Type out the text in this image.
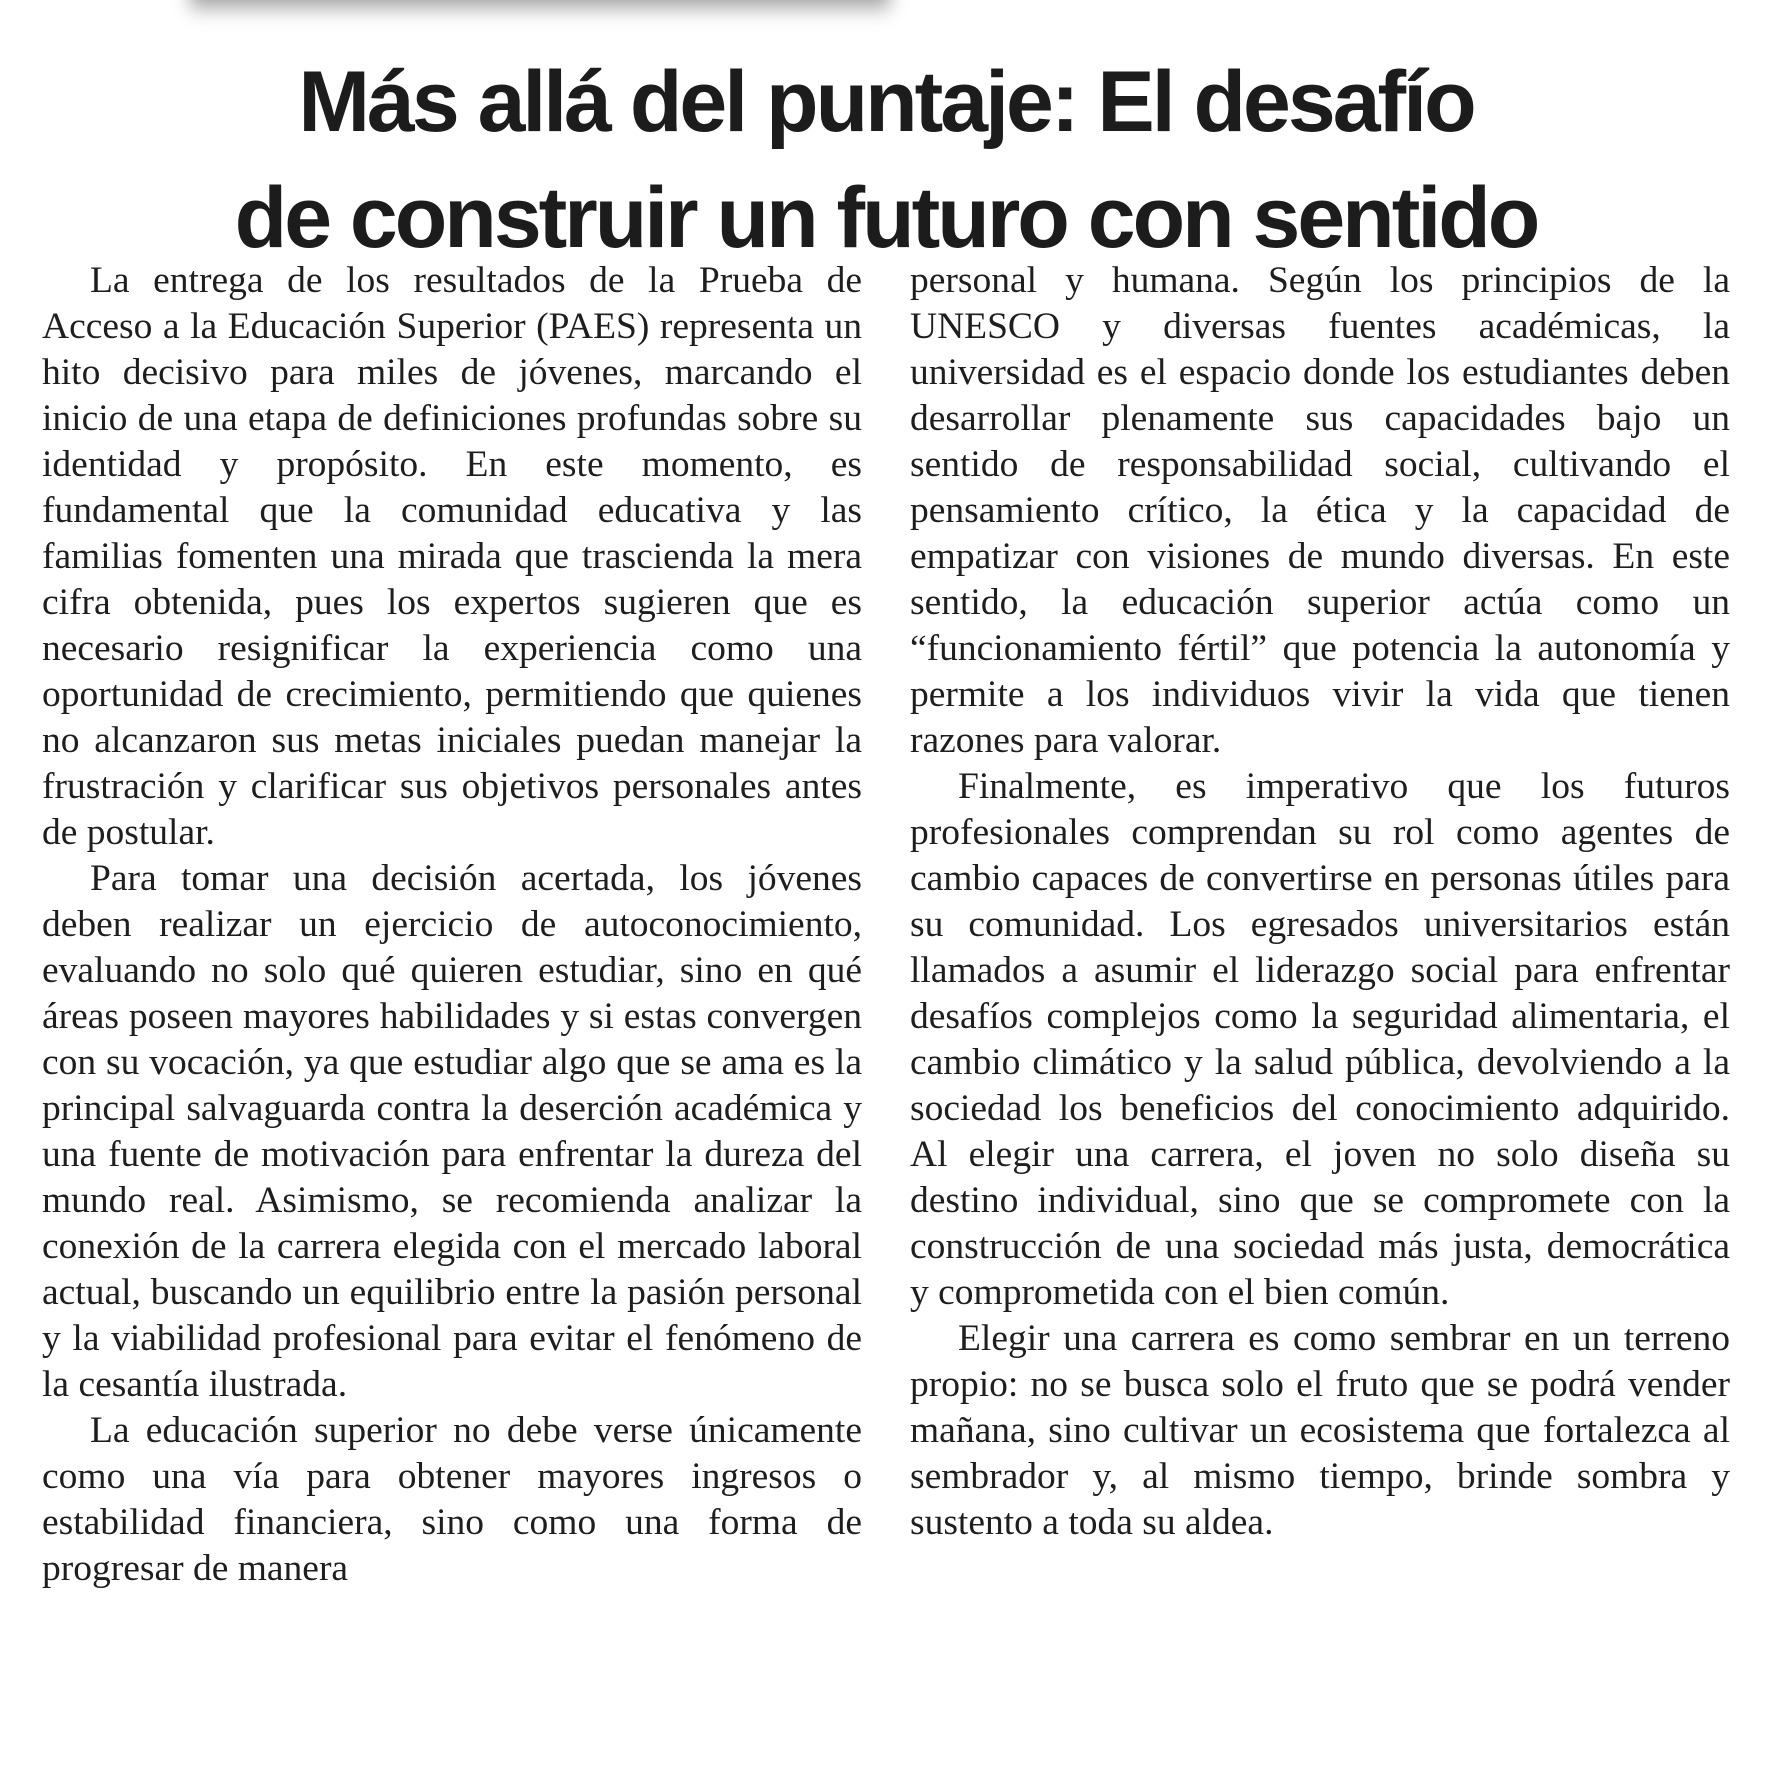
Más allá del puntaje: El desafío
de construir un futuro con sentido

La entrega de los resultados de la Prueba de Acceso a la Educación Superior (PAES) representa un hito decisivo para miles de jóvenes, marcando el inicio de una etapa de definiciones profundas sobre su identidad y propósito. En este momento, es fundamental que la comunidad educativa y las familias fomenten una mirada que trascienda la mera cifra obtenida, pues los expertos sugieren que es necesario resignificar la experiencia como una oportunidad de crecimiento, permitiendo que quienes no alcanzaron sus metas iniciales puedan manejar la frustración y clarificar sus objetivos personales antes de postular.

Para tomar una decisión acertada, los jóvenes deben realizar un ejercicio de autoconocimiento, evaluando no solo qué quieren estudiar, sino en qué áreas poseen mayores habilidades y si estas convergen con su vocación, ya que estudiar algo que se ama es la principal salvaguarda contra la deserción académica y una fuente de motivación para enfrentar la dureza del mundo real. Asimismo, se recomienda analizar la conexión de la carrera elegida con el mercado laboral actual, buscando un equilibrio entre la pasión personal y la viabilidad profesional para evitar el fenómeno de la cesantía ilustrada.

La educación superior no debe verse únicamente como una vía para obtener mayores ingresos o estabilidad financiera, sino como una forma de progresar de manera

personal y humana. Según los principios de la UNESCO y diversas fuentes académicas, la universidad es el espacio donde los estudiantes deben desarrollar plenamente sus capacidades bajo un sentido de responsabilidad social, cultivando el pensamiento crítico, la ética y la capacidad de empatizar con visiones de mundo diversas. En este sentido, la educación superior actúa como un “funcionamiento fértil” que potencia la autonomía y permite a los individuos vivir la vida que tienen razones para valorar.

Finalmente, es imperativo que los futuros profesionales comprendan su rol como agentes de cambio capaces de convertirse en personas útiles para su comunidad. Los egresados universitarios están llamados a asumir el liderazgo social para enfrentar desafíos complejos como la seguridad alimentaria, el cambio climático y la salud pública, devolviendo a la sociedad los beneficios del conocimiento adquirido. Al elegir una carrera, el joven no solo diseña su destino individual, sino que se compromete con la construcción de una sociedad más justa, democrática y comprometida con el bien común.

Elegir una carrera es como sembrar en un terreno propio: no se busca solo el fruto que se podrá vender mañana, sino cultivar un ecosistema que fortalezca al sembrador y, al mismo tiempo, brinde sombra y sustento a toda su aldea.
